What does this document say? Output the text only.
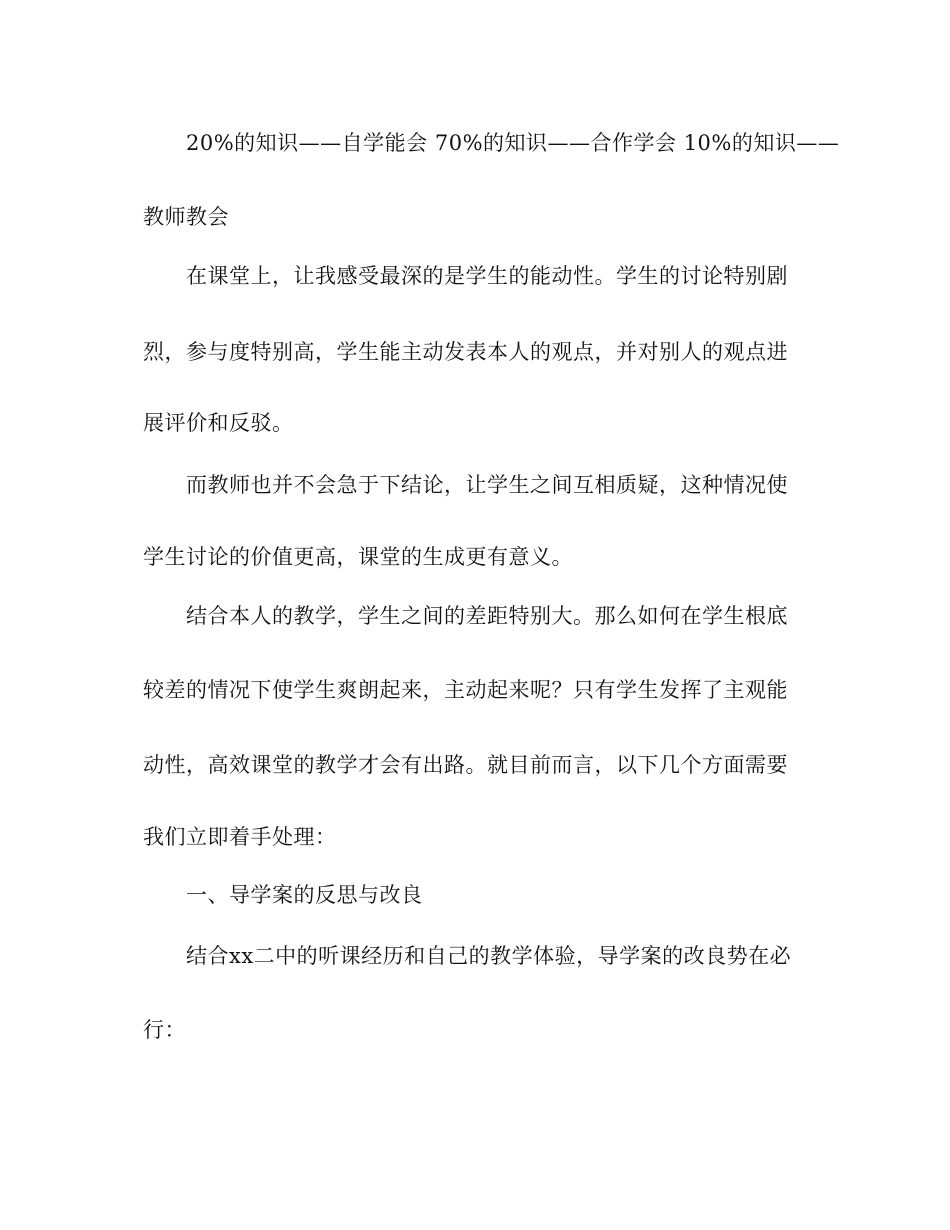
20%的知识——自学能会 70%的知识——合作学会 10%的知识——
教师教会
在课堂上，让我感受最深的是学生的能动性。学生的讨论特别剧
烈，参与度特别高，学生能主动发表本人的观点，并对别人的观点进
展评价和反驳。
而教师也并不会急于下结论，让学生之间互相质疑，这种情况使
学生讨论的价值更高，课堂的生成更有意义。
结合本人的教学，学生之间的差距特别大。那么如何在学生根底
较差的情况下使学生爽朗起来，主动起来呢？只有学生发挥了主观能
动性，高效课堂的教学才会有出路。就目前而言，以下几个方面需要
我们立即着手处理：
一、导学案的反思与改良
结合xx二中的听课经历和自己的教学体验，导学案的改良势在必
行：
